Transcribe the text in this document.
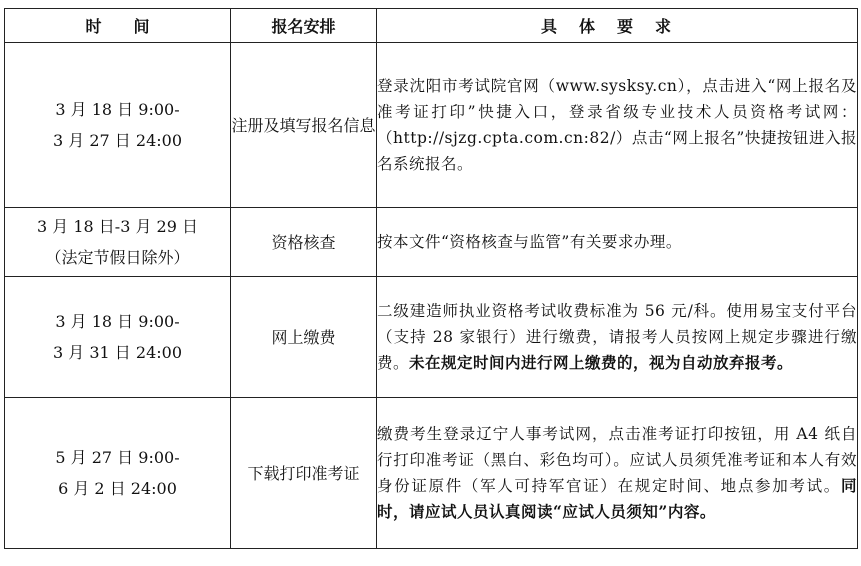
时　　间	报名安排	具体要求

3 月 18 日 9:00-
3 月 27 日 24:00	注册及填写报名信息	登录沈阳市考试院官网（www.sysksy.cn），点击进入“网上报名及准考证打印”快捷入口，登录省级专业技术人员资格考试网：（http://sjzg.cpta.com.cn:82/）点击“网上报名”快捷按钮进入报名系统报名。

3 月 18 日-3 月 29 日
（法定节假日除外）	资格核查	按本文件“资格核查与监管”有关要求办理。

3 月 18 日 9:00-
3 月 31 日 24:00	网上缴费	二级建造师执业资格考试收费标准为 56 元/科。使用易宝支付平台（支持 28 家银行）进行缴费，请报考人员按网上规定步骤进行缴费。未在规定时间内进行网上缴费的，视为自动放弃报考。

5 月 27 日 9:00-
6 月 2 日 24:00	下载打印准考证	缴费考生登录辽宁人事考试网，点击准考证打印按钮，用 A4 纸自行打印准考证（黑白、彩色均可）。应试人员须凭准考证和本人有效身份证原件（军人可持军官证）在规定时间、地点参加考试。同时，请应试人员认真阅读“应试人员须知”内容。
